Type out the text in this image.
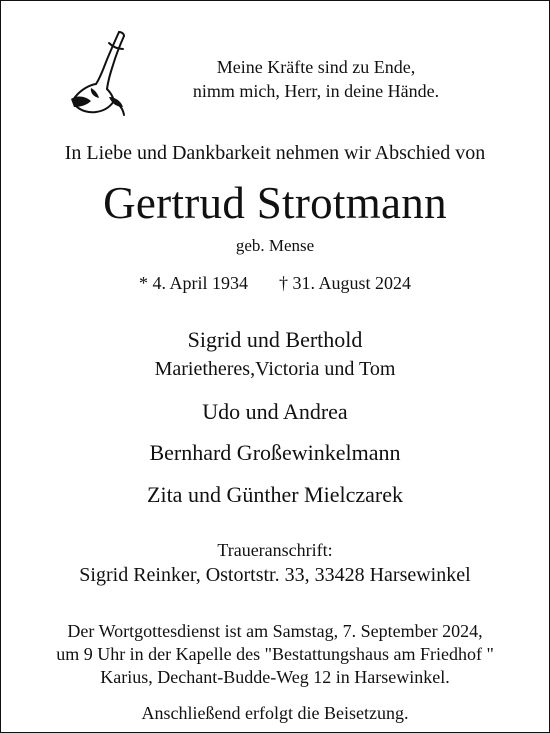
Meine Kräfte sind zu Ende,
nimm mich, Herr, in deine Hände.
In Liebe und Dankbarkeit nehmen wir Abschied von
Gertrud Strotmann
geb. Mense
* 4. April 1934 † 31. August 2024
Sigrid und Berthold
Marietheres,Victoria und Tom
Udo und Andrea
Bernhard Großewinkelmann
Zita und Günther Mielczarek
Traueranschrift:
Sigrid Reinker, Ostortstr. 33, 33428 Harsewinkel
Der Wortgottesdienst ist am Samstag, 7. September 2024,
um 9 Uhr in der Kapelle des "Bestattungshaus am Friedhof "
Karius, Dechant-Budde-Weg 12 in Harsewinkel.
Anschließend erfolgt die Beisetzung.
